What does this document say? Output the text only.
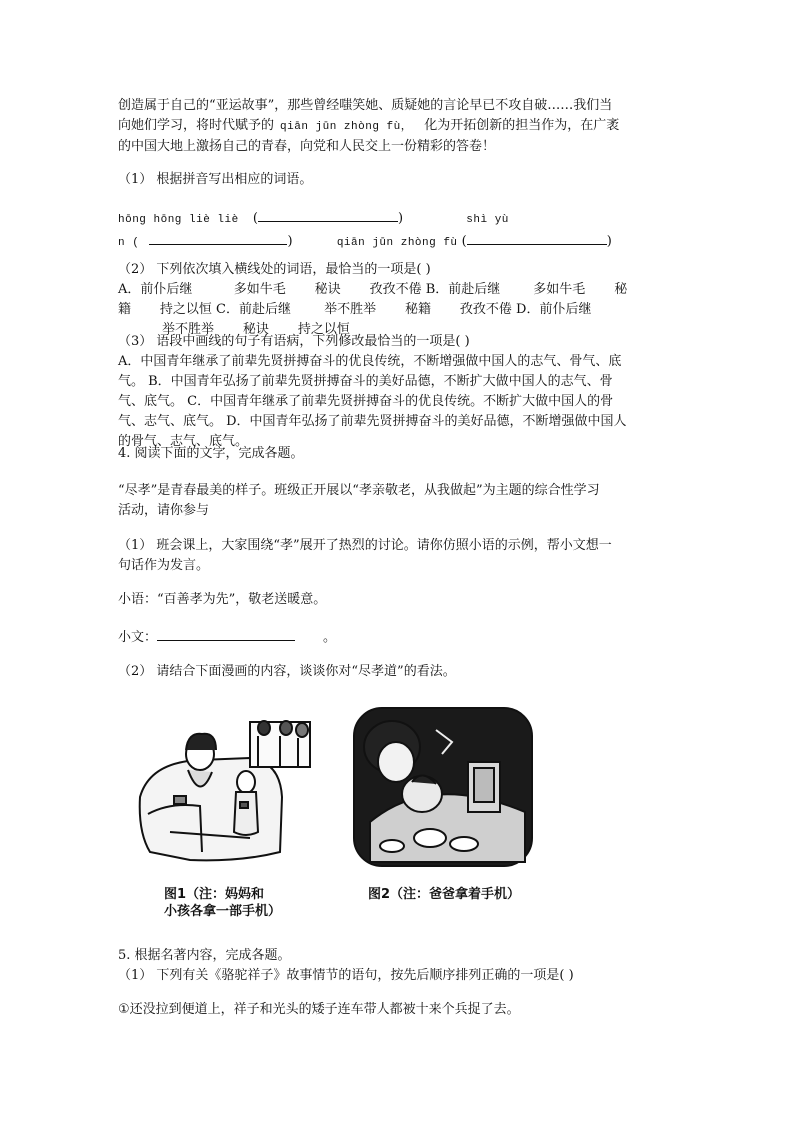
创造属于自己的“亚运故事”，那些曾经嗤笑她、质疑她的言论早已不攻自破……我们当

向她们学习，将时代赋予的 qiān jūn zhòng fù， 化为开拓创新的担当作为，在广袤

的中国大地上激扬自己的青春，向党和人民交上一份精彩的答卷！

（1） 根据拼音写出相应的词语。

hōng hōng liè liè (	)	shì yù

n (	)	qiān jūn zhòng fù (	)

（2） 下列依次填入横线处的词语，最恰当的一项是( )

A．前仆后继          多如牛毛       秘诀       孜孜不倦 B．前赴后继        多如牛毛       秘

籍       持之以恒 C．前赴后继        举不胜举       秘籍       孜孜不倦 D．前仆后继

举不胜举       秘诀       持之以恒

（3） 语段中画线的句子有语病，下列修改最恰当的一项是( )

A．中国青年继承了前辈先贤拼搏奋斗的优良传统，不断增强做中国人的志气、骨气、底

气。 B．中国青年弘扬了前辈先贤拼搏奋斗的美好品德，不断扩大做中国人的志气、骨

气、底气。 C．中国青年继承了前辈先贤拼搏奋斗的优良传统。不断扩大做中国人的骨

气、志气、底气。 D．中国青年弘扬了前辈先贤拼搏奋斗的美好品德，不断增强做中国人

的骨气、志气、底气。

4. 阅读下面的文字，完成各题。

“尽孝”是青春最美的样子。班级正开展以“孝亲敬老，从我做起”为主题的综合性学习

活动，请你参与

（1） 班会课上，大家围绕“孝”展开了热烈的讨论。请你仿照小语的示例，帮小文想一

句话作为发言。

小语：“百善孝为先”，敬老送暖意。

小文：	。

（2） 请结合下面漫画的内容，谈谈你对“尽孝道”的看法。

图1（注：妈妈和
小孩各拿一部手机）
图2（注：爸爸拿着手机）

5. 根据名著内容，完成各题。

（1） 下列有关《骆驼祥子》故事情节的语句，按先后顺序排列正确的一项是( )

①还没拉到便道上，祥子和光头的矮子连车带人都被十来个兵捉了去。
